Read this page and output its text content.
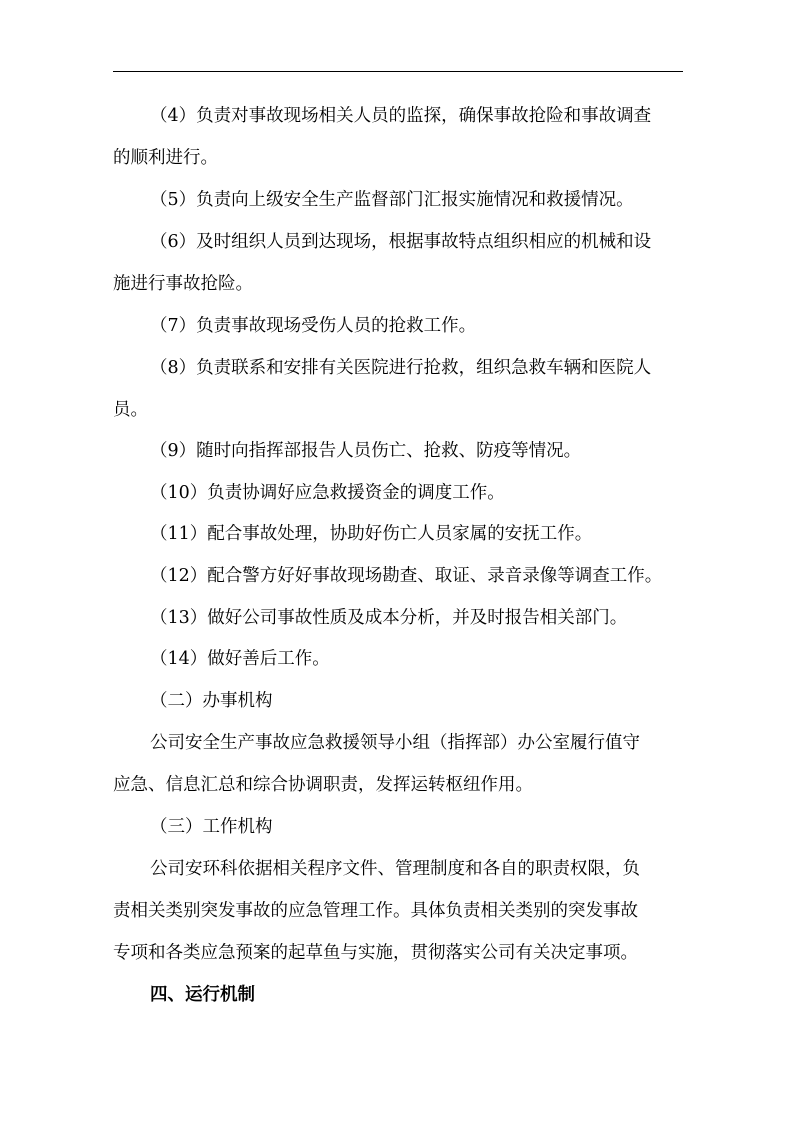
（4）负责对事故现场相关人员的监探，确保事故抢险和事故调查
的顺利进行。
（5）负责向上级安全生产监督部门汇报实施情况和救援情况。
（6）及时组织人员到达现场，根据事故特点组织相应的机械和设
施进行事故抢险。
（7）负责事故现场受伤人员的抢救工作。
（8）负责联系和安排有关医院进行抢救，组织急救车辆和医院人
员。
（9）随时向指挥部报告人员伤亡、抢救、防疫等情况。
（10）负责协调好应急救援资金的调度工作。
（11）配合事故处理，协助好伤亡人员家属的安抚工作。
（12）配合警方好好事故现场勘查、取证、录音录像等调查工作。
（13）做好公司事故性质及成本分析，并及时报告相关部门。
（14）做好善后工作。
（二）办事机构
公司安全生产事故应急救援领导小组（指挥部）办公室履行值守
应急、信息汇总和综合协调职责，发挥运转枢纽作用。
（三）工作机构
公司安环科依据相关程序文件、管理制度和各自的职责权限，负
责相关类别突发事故的应急管理工作。具体负责相关类别的突发事故
专项和各类应急预案的起草鱼与实施，贯彻落实公司有关决定事项。
四、运行机制
